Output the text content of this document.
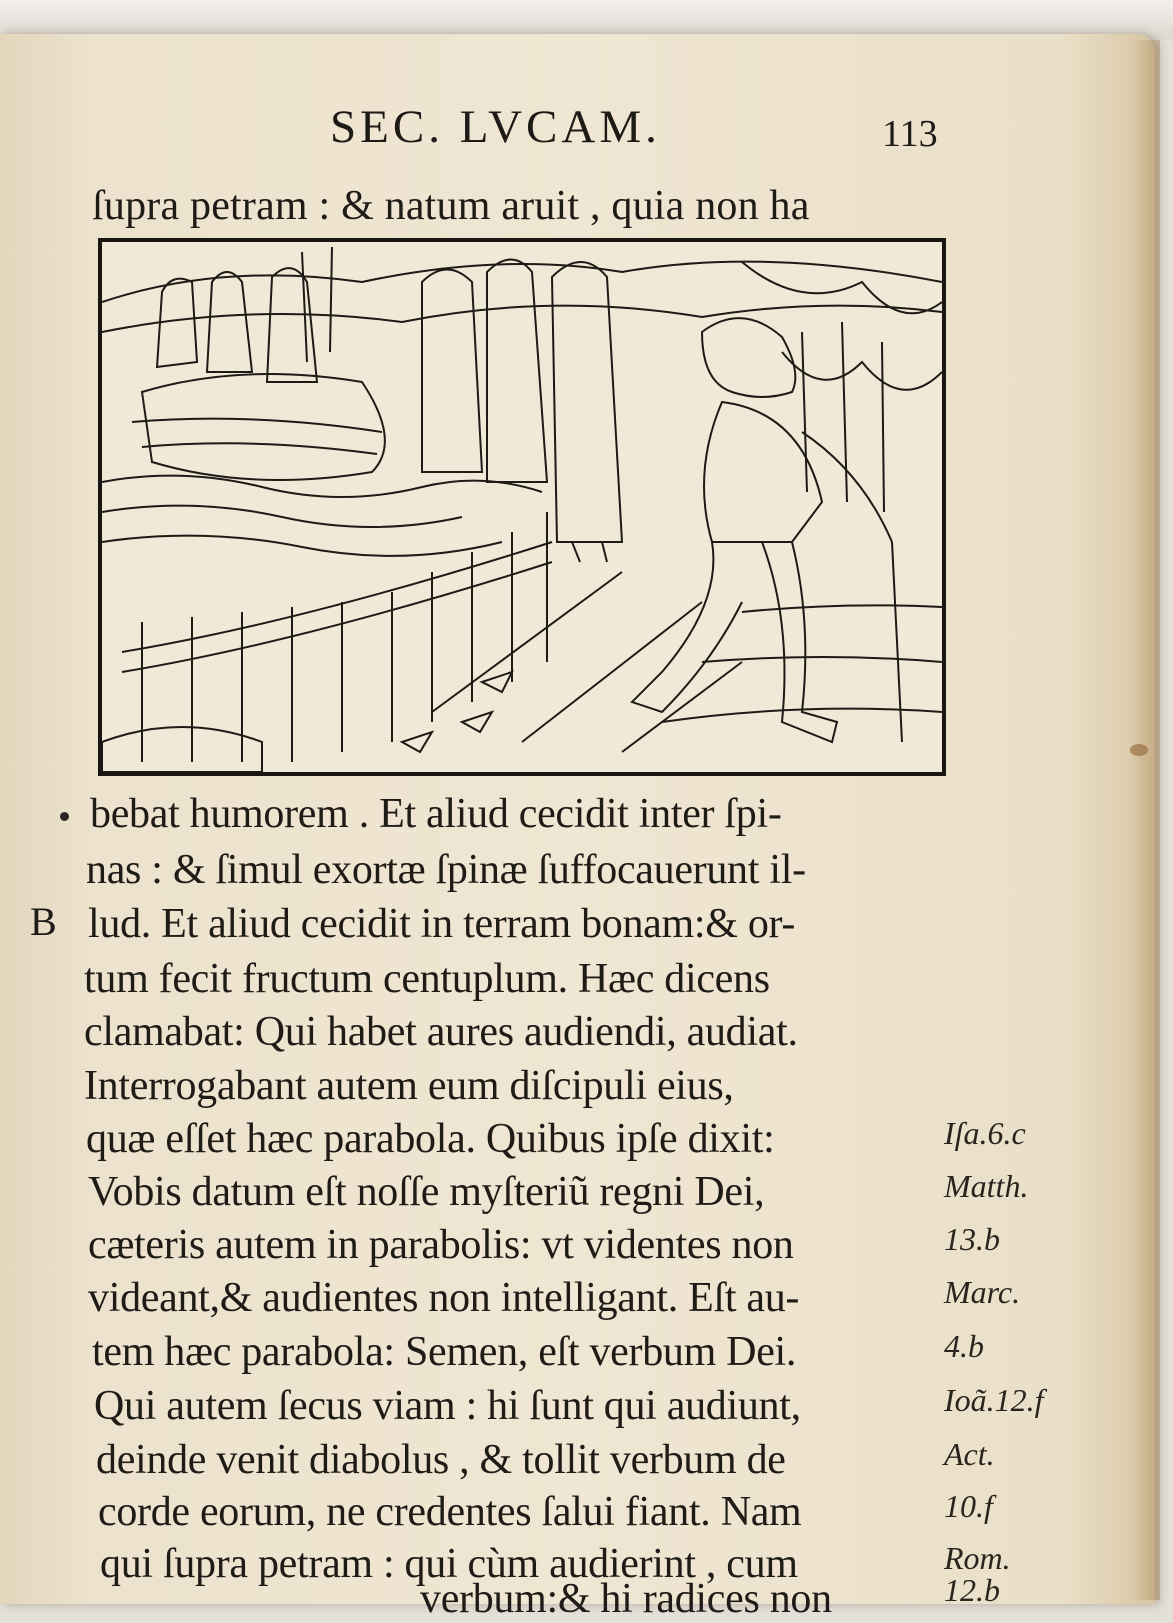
SEC. LVCAM.	113
ſupra petram : & natum aruit , quia non ha
B
bebat humorem . Et aliud cecidit inter ſpi-
nas : & ſimul exortæ ſpinæ ſuffocauerunt il-
lud. Et aliud cecidit in terram bonam:& or-
tum fecit fructum centuplum. Hæc dicens
clamabat: Qui habet aures audiendi, audiat.
Interrogabant autem eum diſcipuli eius,
quæ eſſet hæc parabola. Quibus ipſe dixit:
Vobis datum eſt noſſe myſteriũ regni Dei,
cæteris autem in parabolis: vt videntes non
videant,& audientes non intelligant. Eſt au-
tem hæc parabola: Semen, eſt verbum Dei.
Qui autem ſecus viam : hi ſunt qui audiunt,
deinde venit diabolus , & tollit verbum de
corde eorum, ne credentes ſalui fiant. Nam
qui ſupra petram : qui cùm audierint , cum
verbum:& hi radices non
Iſa.6.c
Matth.
13.b
Marc.
4.b
Ioã.12.f
Act.
10.f
Rom.
12.b
